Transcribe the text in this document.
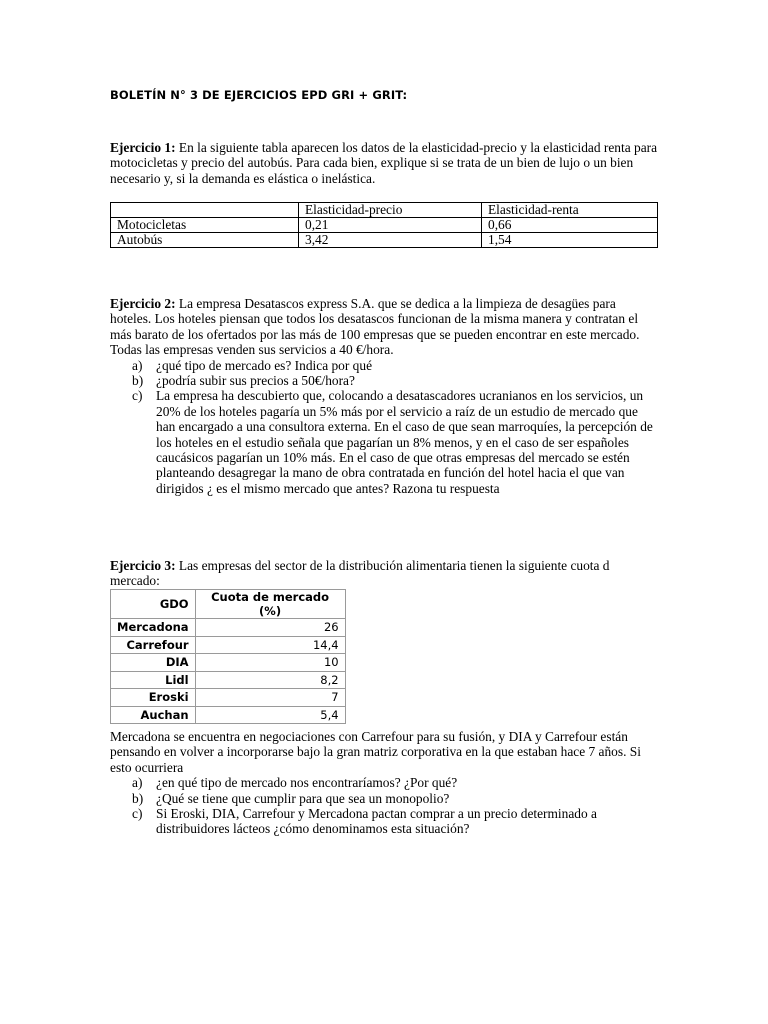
BOLETÍN N° 3 DE EJERCICIOS EPD GRI + GRIT:
Ejercicio 1: En la siguiente tabla aparecen los datos de la elasticidad-precio y la elasticidad renta para motocicletas y precio del autobús. Para cada bien, explique si se trata de un bien de lujo o un bien necesario y, si la demanda es elástica o inelástica.
	Elasticidad-precio	Elasticidad-renta
Motocicletas	0,21	0,66
Autobús	3,42	1,54
Ejercicio 2: La empresa Desatascos express S.A. que se dedica a la limpieza de desagües para hoteles. Los hoteles piensan que todos los desatascos funcionan de la misma manera y contratan el más barato de los ofertados por las más de 100 empresas que se pueden encontrar en este mercado. Todas las empresas venden sus servicios a 40 €/hora.
a) ¿qué tipo de mercado es? Indica por qué
b) ¿podría subir sus precios a 50€/hora?
c) La empresa ha descubierto que, colocando a desatascadores ucranianos en los servicios, un 20% de los hoteles pagaría un 5% más por el servicio a raíz de un estudio de mercado que han encargado a una consultora externa. En el caso de que sean marroquíes, la percepción de los hoteles en el estudio señala que pagarían un 8% menos, y en el caso de ser españoles caucásicos pagarían un 10% más. En el caso de que otras empresas del mercado se estén planteando desagregar la mano de obra contratada en función del hotel hacia el que van dirigidos ¿ es el mismo mercado que antes? Razona tu respuesta
Ejercicio 3: Las empresas del sector de la distribución alimentaria tienen la siguiente cuota d mercado:
GDO	Cuota de mercado (%)
Mercadona	26
Carrefour	14,4
DIA	10
Lidl	8,2
Eroski	7
Auchan	5,4
Mercadona se encuentra en negociaciones con Carrefour para su fusión, y DIA y Carrefour están pensando en volver a incorporarse bajo la gran matriz corporativa en la que estaban hace 7 años. Si esto ocurriera
a) ¿en qué tipo de mercado nos encontraríamos? ¿Por qué?
b) ¿Qué se tiene que cumplir para que sea un monopolio?
c) Si Eroski, DIA, Carrefour y Mercadona pactan comprar a un precio determinado a distribuidores lácteos ¿cómo denominamos esta situación?
